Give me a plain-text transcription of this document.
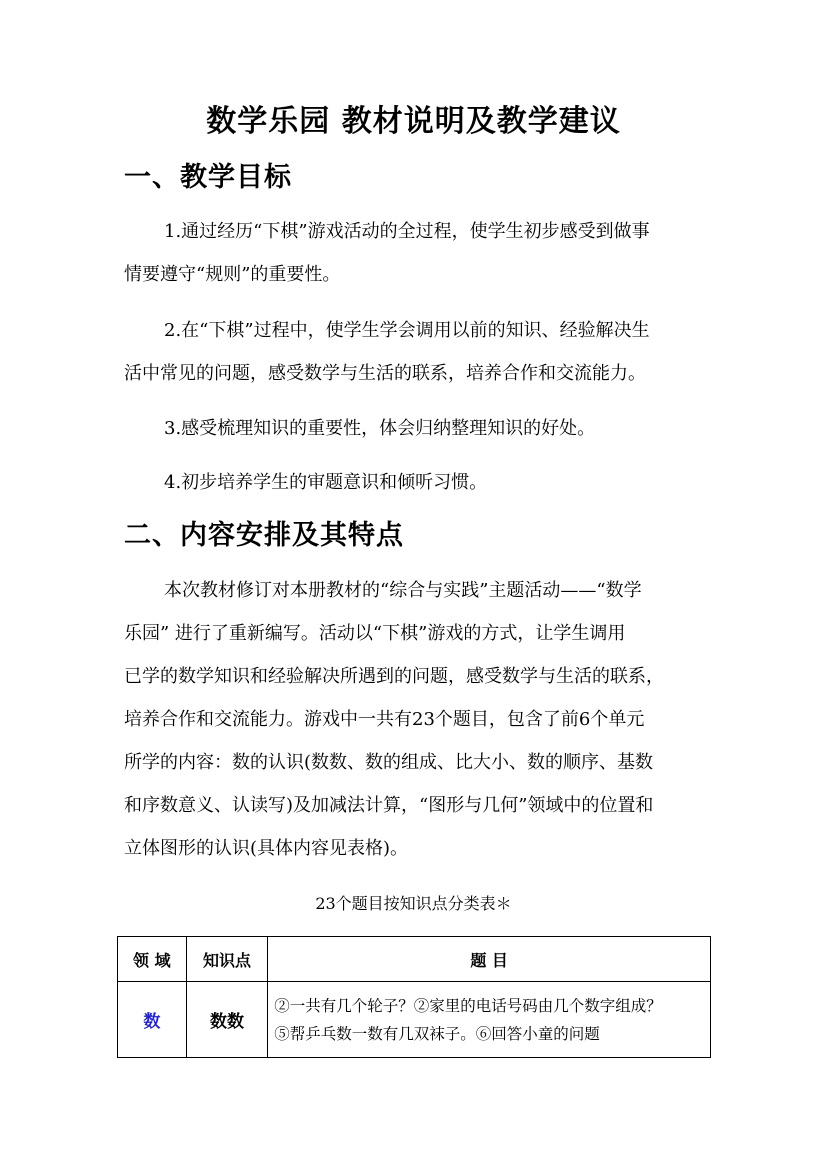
数学乐园 教材说明及教学建议
一、教学目标
1.通过经历“下棋”游戏活动的全过程，使学生初步感受到做事
情要遵守“规则”的重要性。
2.在“下棋”过程中，使学生学会调用以前的知识、经验解决生
活中常见的问题，感受数学与生活的联系，培养合作和交流能力。
3.感受梳理知识的重要性，体会归纳整理知识的好处。
4.初步培养学生的审题意识和倾听习惯。
二、内容安排及其特点
本次教材修订对本册教材的“综合与实践”主题活动——“数学
乐园” 进行了重新编写。活动以“下棋”游戏的方式，让学生调用
已学的数学知识和经验解决所遇到的问题，感受数学与生活的联系，
培养合作和交流能力。游戏中一共有23个题目，包含了前6个单元
所学的内容：数的认识(数数、数的组成、比大小、数的顺序、基数
和序数意义、认读写)及加减法计算，“图形与几何”领域中的位置和
立体图形的认识(具体内容见表格)。
23个题目按知识点分类表＊
领 域	知识点	题 目
数	数数	②一共有几个轮子？②家里的电话号码由几个数字组成？
⑤帮乒乓数一数有几双袜子。⑥回答小童的问题
